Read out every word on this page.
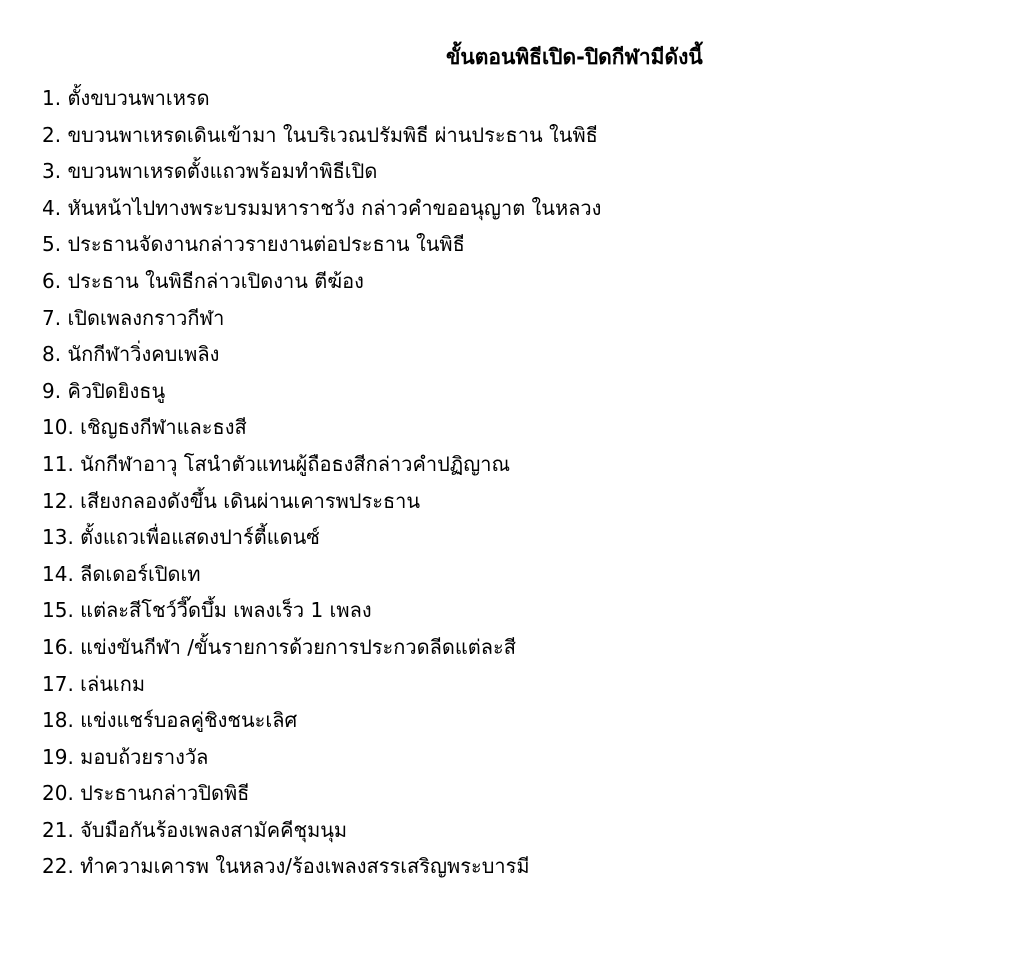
ขั้นตอนพิธีเปิด-ปิดกีฬามีดังนี้
1. ตั้งขบวนพาเหรด
2. ขบวนพาเหรดเดินเข้ามา ในบริเวณปรัมพิธี ผ่านประธาน ในพิธี
3. ขบวนพาเหรดตั้งแถวพร้อมทำพิธีเปิด
4. หันหน้าไปทางพระบรมมหาราชวัง กล่าวคำขออนุญาต ในหลวง
5. ประธานจัดงานกล่าวรายงานต่อประธาน ในพิธี
6. ประธาน ในพิธีกล่าวเปิดงาน ตีฆ้อง
7. เปิดเพลงกราวกีฬา
8. นักกีฬาวิ่งคบเพลิง
9. คิวปิดยิงธนู
10. เชิญธงกีฬาและธงสี
11. นักกีฬาอาวุ โสนำตัวแทนผู้ถือธงสีกล่าวคำปฏิญาณ
12. เสียงกลองดังขึ้น เดินผ่านเคารพประธาน
13. ตั้งแถวเพื่อแสดงปาร์ตี้แดนซ์
14. ลีดเดอร์เปิดเท
15. แต่ละสีโชว์วี๊ดบึ้ม เพลงเร็ว 1 เพลง
16. แข่งขันกีฬา /ขั้นรายการด้วยการประกวดลีดแต่ละสี
17. เล่นเกม
18. แข่งแชร์บอลคู่ชิงชนะเลิศ
19. มอบถ้วยรางวัล
20. ประธานกล่าวปิดพิธี
21. จับมือกันร้องเพลงสามัคคีชุมนุม
22. ทำความเคารพ ในหลวง/ร้องเพลงสรรเสริญพระบารมี
